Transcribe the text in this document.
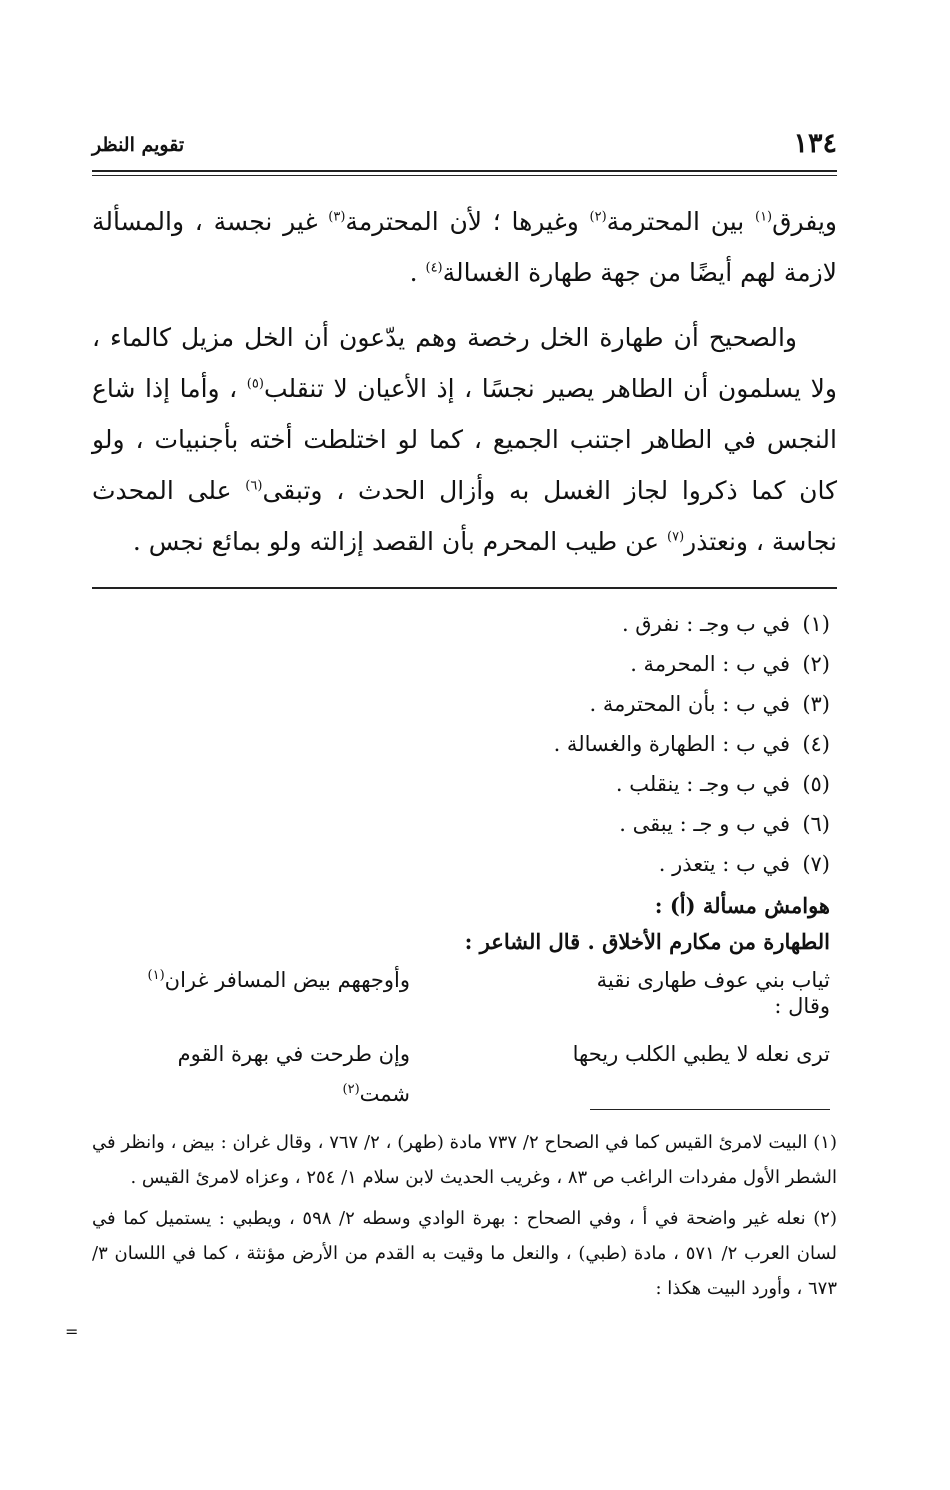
١٣٤
تقويم النظر

ويفرق$^{(١)}$ بين المحترمة$^{(٢)}$ وغيرها ؛ لأن المحترمة$^{(٣)}$ غير نجسة ، والمسألة لازمة لهم أيضًا من جهة طهارة الغسالة$^{(٤)}$ .

والصحيح أن طهارة الخل رخصة وهم يدّعون أن الخل مزيل كالماء ، ولا يسلمون أن الطاهر يصير نجسًا ، إذ الأعيان لا تنقلب$^{(٥)}$ ، وأما إذا شاع النجس في الطاهر اجتنب الجميع ، كما لو اختلطت أخته بأجنبيات ، ولو كان كما ذكروا لجاز الغسل به وأزال الحدث ، وتبقى$^{(٦)}$ على المحدث نجاسة ، ونعتذر$^{(٧)}$ عن طيب المحرم بأن القصد إزالته ولو بمائع نجس .

(١)في ب وجـ : نفرق .
(٢)في ب : المحرمة .
(٣)في ب : بأن المحترمة .
(٤)في ب : الطهارة والغسالة .
(٥)في ب وجـ : ينقلب .
(٦)في ب و جـ : يبقى .
(٧)في ب : يتعذر .
هوامش مسألة (أ) :
الطهارة من مكارم الأخلاق . قال الشاعر :
ثياب بني عوف طهارى نقية
وأوجههم بيض المسافر غران$^{(١)}$
وقال :
ترى نعله لا يطبي الكلب ريحها
وإن طرحت في بهرة القوم شمت$^{(٢)}$

(١) البيت لامرئ القيس كما في الصحاح ٢/ ٧٣٧ مادة (طهر) ، ٢/ ٧٦٧ ، وقال غران : بيض ، وانظر في الشطر الأول مفردات الراغب ص ٨٣ ، وغريب الحديث لابن سلام ١/ ٢٥٤ ، وعزاه لامرئ القيس .

(٢) نعله غير واضحة في أ ، وفي الصحاح : بهرة الوادي وسطه ٢/ ٥٩٨ ، ويطبي : يستميل كما في لسان العرب ٢/ ٥٧١ ، مادة (طبي) ، والنعل ما وقيت به القدم من الأرض مؤنثة ، كما في اللسان ٣/ ٦٧٣ ، وأورد البيت هكذا :

=
